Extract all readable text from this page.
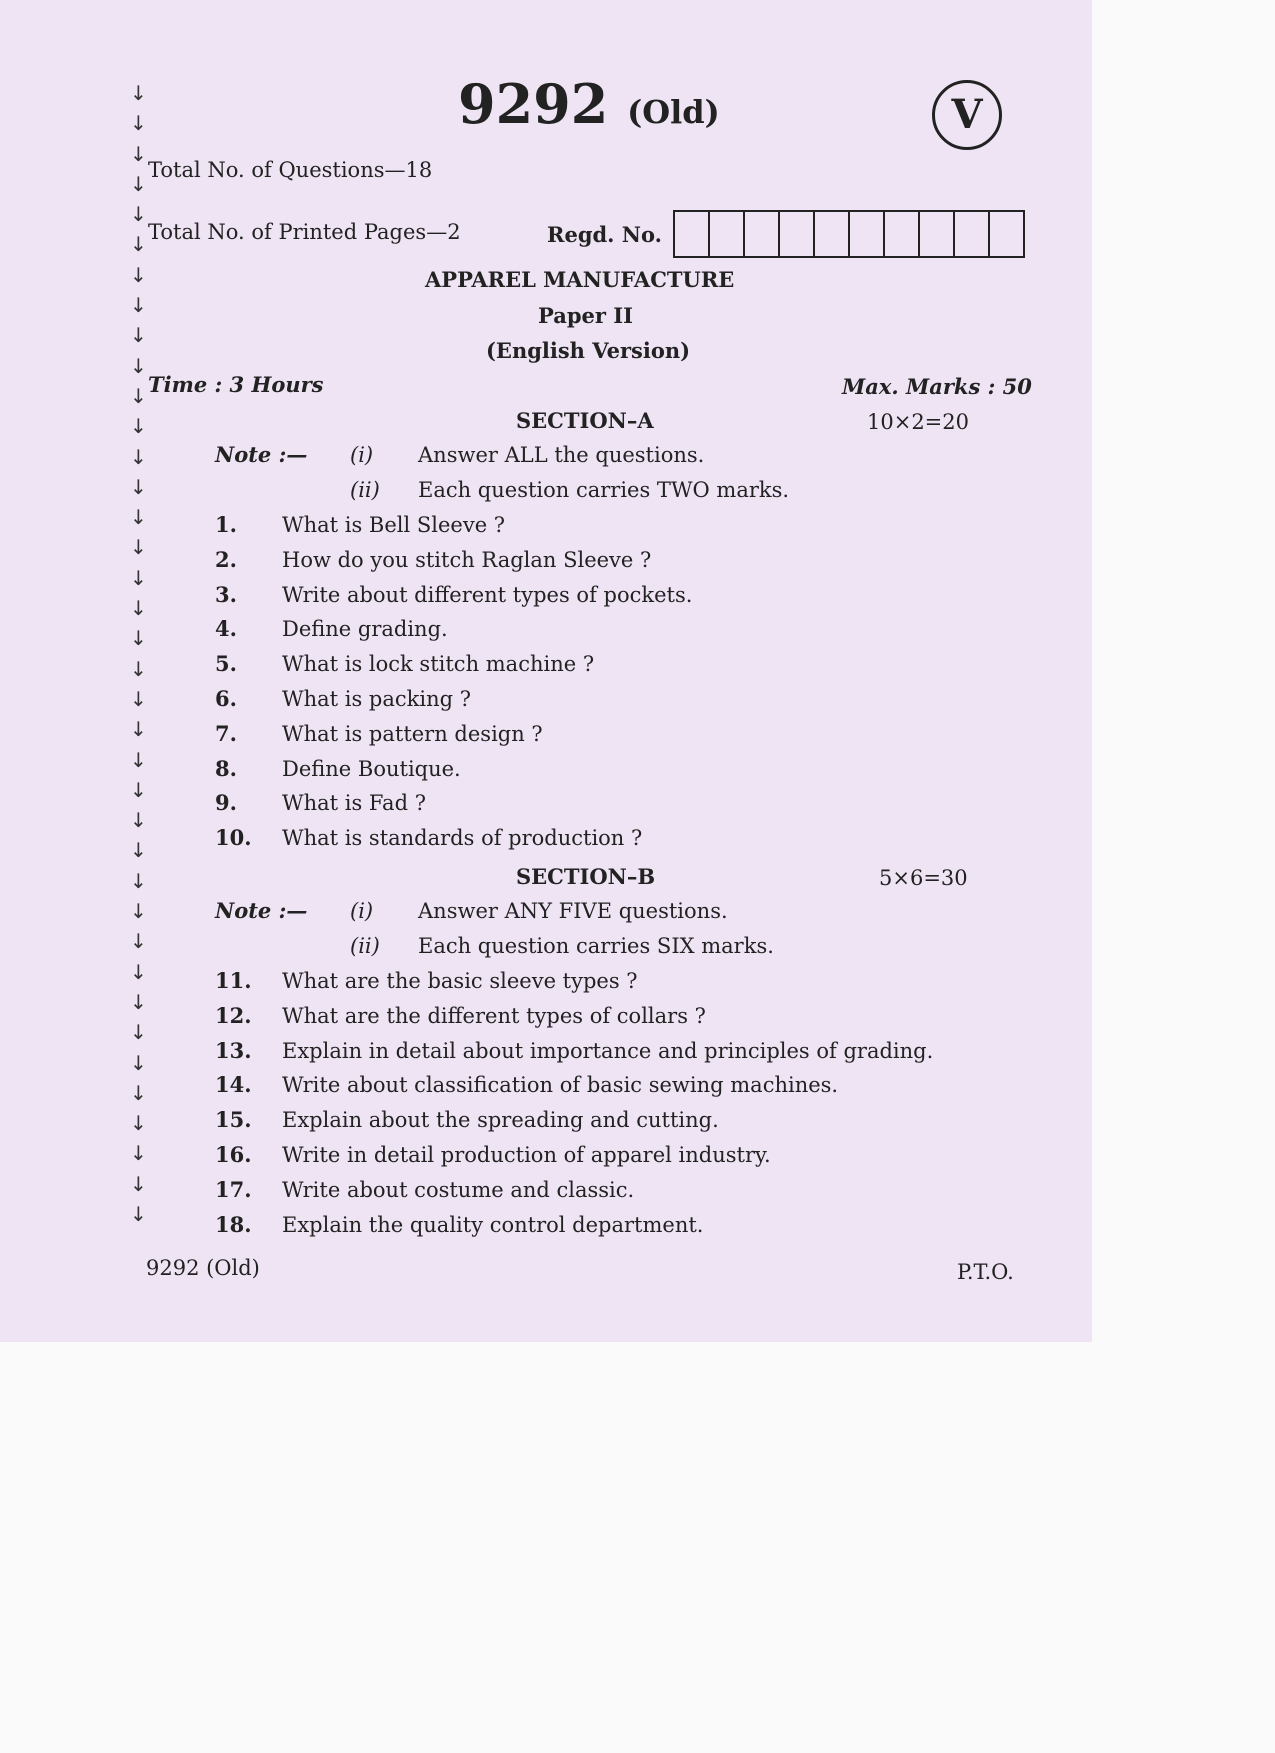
↓
↓
↓
↓
↓
↓
↓
↓
↓
↓
↓
↓
↓
↓
↓
↓
↓
↓
↓
↓
↓
↓
↓
↓
↓
↓
↓
↓
↓
↓
↓
↓
↓
↓
↓
↓
↓
↓
9292 (Old)	V
Total No. of Questions—18
Total No. of Printed Pages—2	Regd. No.
APPAREL MANUFACTURE
Paper II
(English Version)
Time : 3 Hours	Max. Marks : 50
SECTION–A	10×2=20
Note :— (i) Answer ALL the questions.
(ii) Each question carries TWO marks.
1. What is Bell Sleeve ?
2. How do you stitch Raglan Sleeve ?
3. Write about different types of pockets.
4. Define grading.
5. What is lock stitch machine ?
6. What is packing ?
7. What is pattern design ?
8. Define Boutique.
9. What is Fad ?
10. What is standards of production ?
SECTION–B	5×6=30
Note :— (i) Answer ANY FIVE questions.
(ii) Each question carries SIX marks.
11. What are the basic sleeve types ?
12. What are the different types of collars ?
13. Explain in detail about importance and principles of grading.
14. Write about classification of basic sewing machines.
15. Explain about the spreading and cutting.
16. Write in detail production of apparel industry.
17. Write about costume and classic.
18. Explain the quality control department.
9292 (Old)	P.T.O.
